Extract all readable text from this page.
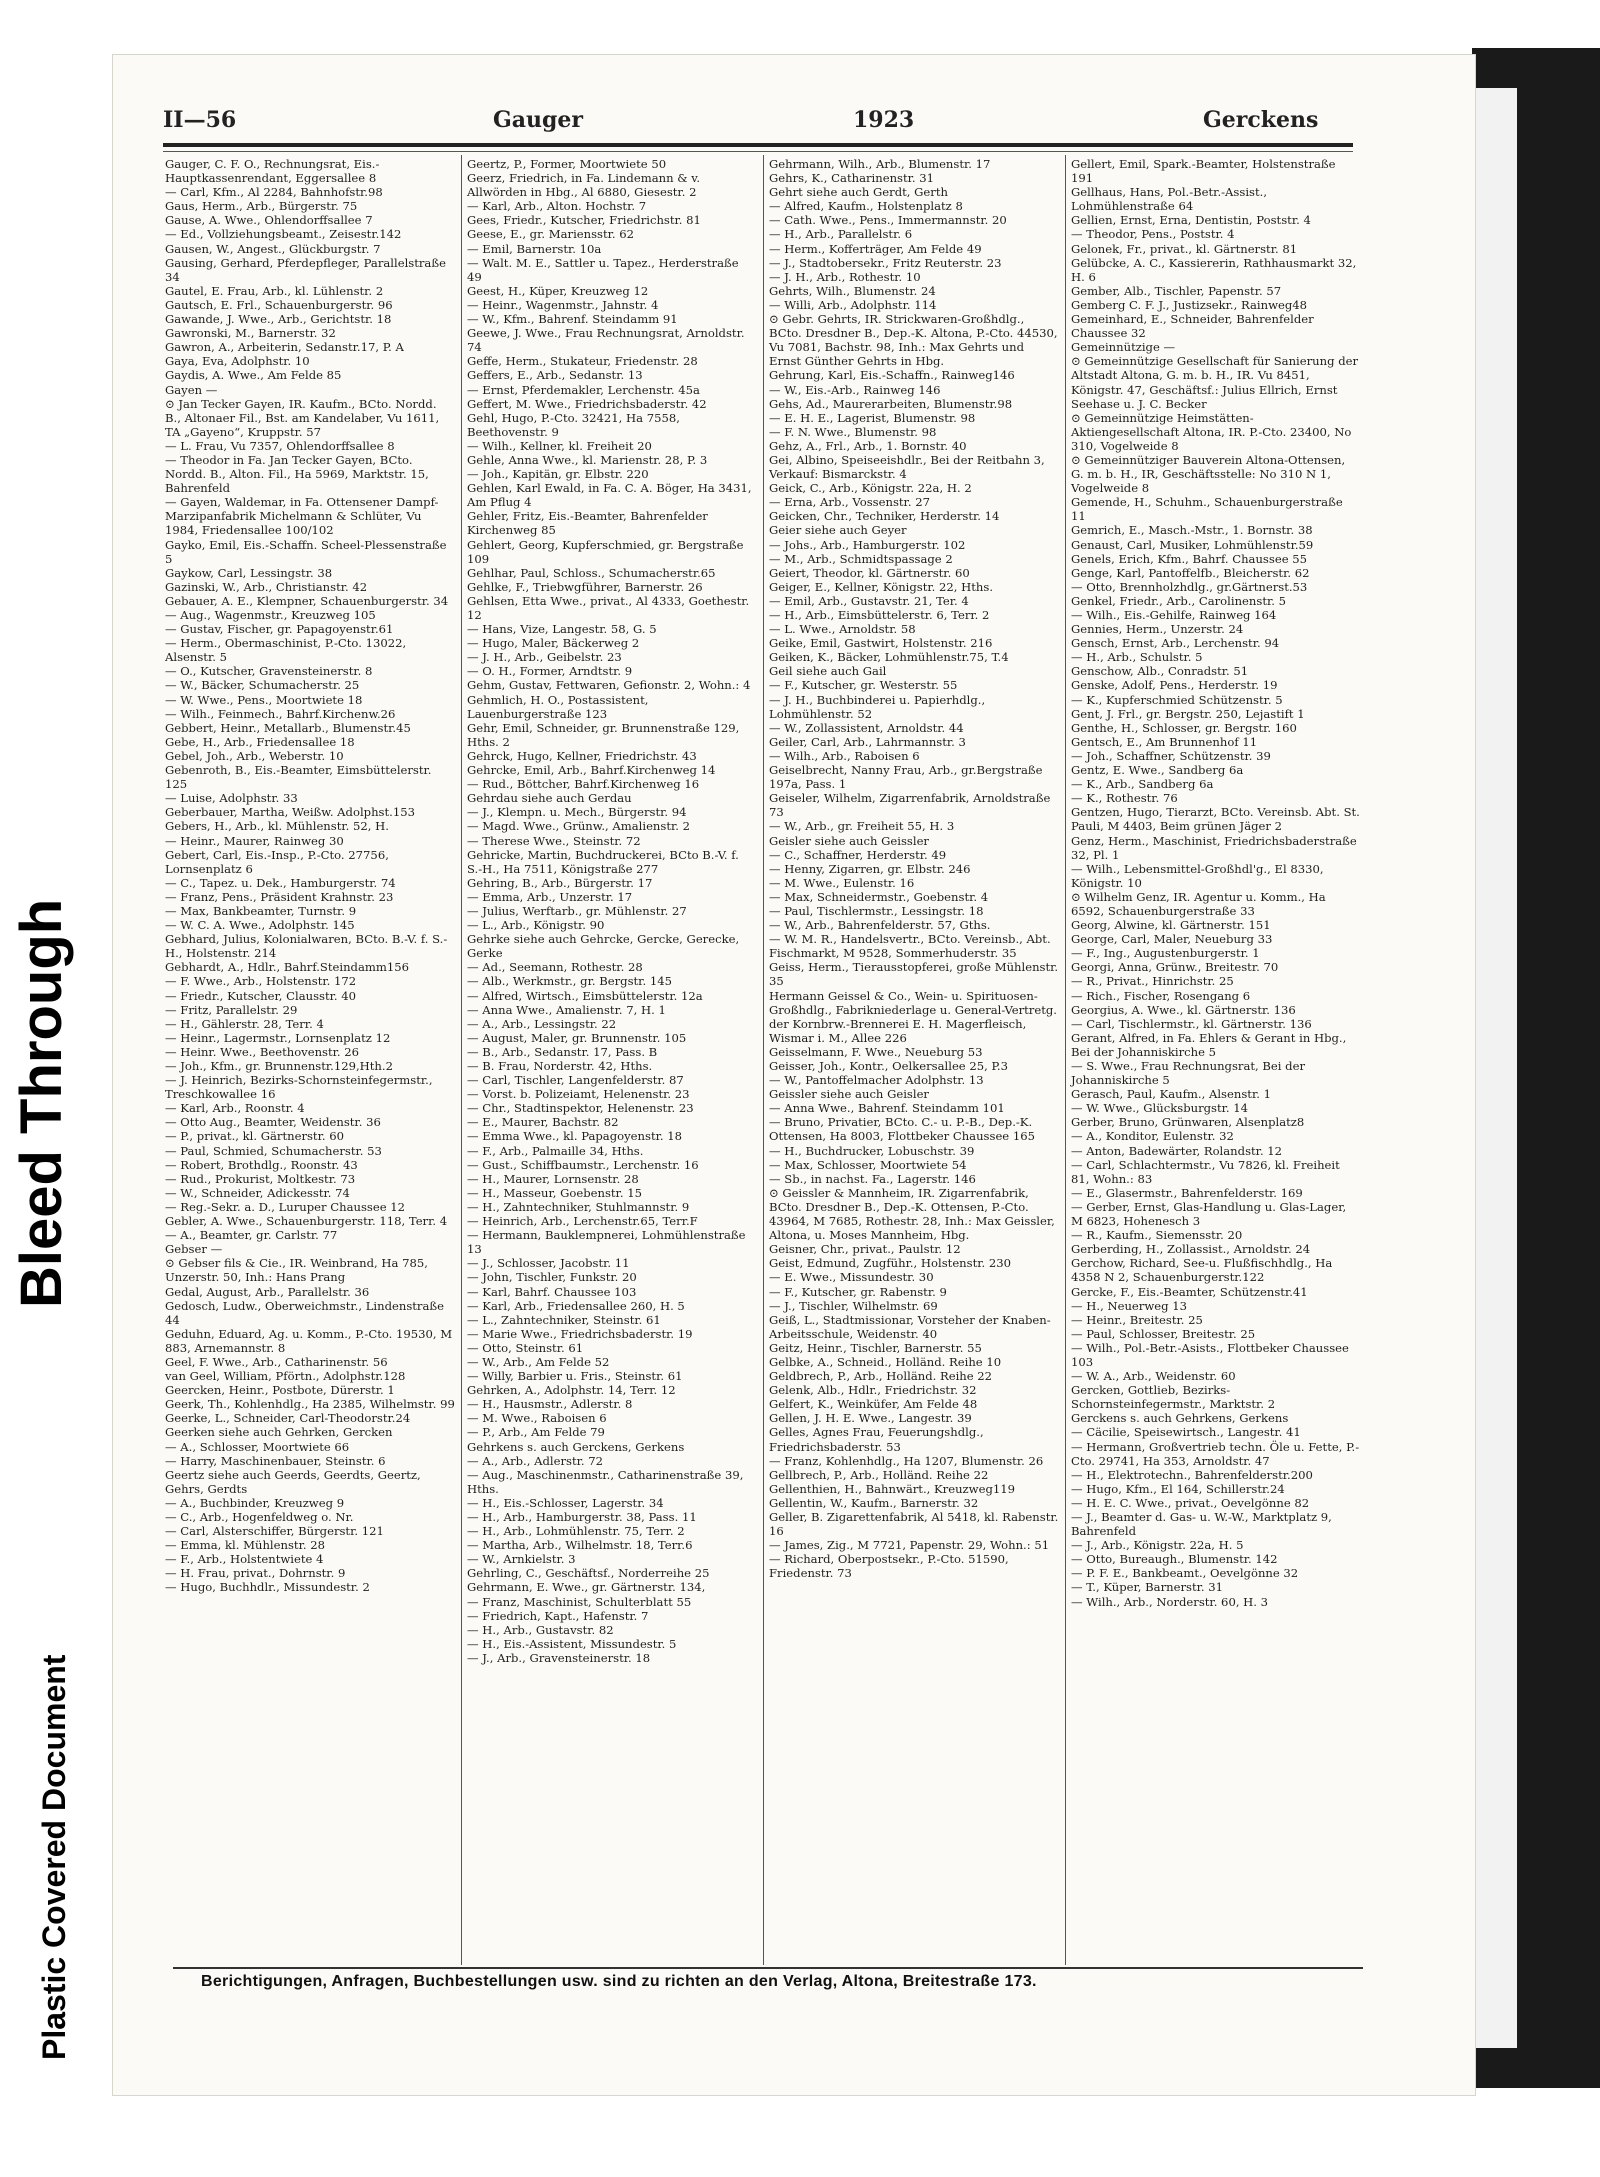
Bleed Through
Plastic Covered Document
II—56	Gauger	1923	Gerckens
Gauger, C. F. O., Rechnungsrat, Eis.-Hauptkassenrendant, Eggersallee 8
— Carl, Kfm., Al 2284, Bahnhofstr.98
Gaus, Herm., Arb., Bürgerstr. 75
Gause, A. Wwe., Ohlendorffsallee 7
— Ed., Vollziehungsbeamt., Zeisestr.142
Gausen, W., Angest., Glückburgstr. 7
Gausing, Gerhard, Pferdepfleger, Parallelstraße 34
Gautel, E. Frau, Arb., kl. Lühlenstr. 2
Gautsch, E. Frl., Schauenburgerstr. 96
Gawande, J. Wwe., Arb., Gerichtstr. 18
Gawronski, M., Barnerstr. 32
Gawron, A., Arbeiterin, Sedanstr.17, P. A
Gaya, Eva, Adolphstr. 10
Gaydis, A. Wwe., Am Felde 85
Gayen —
⊙ Jan Tecker Gayen, IR. Kaufm., BCto. Nordd. B., Altonaer Fil., Bst. am Kandelaber, Vu 1611, TA „Gayeno“, Kruppstr. 57
— L. Frau, Vu 7357, Ohlendorffsallee 8
— Theodor in Fa. Jan Tecker Gayen, BCto. Nordd. B., Alton. Fil., Ha 5969, Marktstr. 15, Bahrenfeld
— Gayen, Waldemar, in Fa. Ottensener Dampf-Marzipanfabrik Michelmann & Schlüter, Vu 1984, Friedensallee 100/102
Gayko, Emil, Eis.-Schaffn. Scheel-Plessenstraße 5
Gaykow, Carl, Lessingstr. 38
Gazinski, W., Arb., Christianstr. 42
Gebauer, A. E., Klempner, Schauenburgerstr. 34
— Aug., Wagenmstr., Kreuzweg 105
— Gustav, Fischer, gr. Papagoyenstr.61
— Herm., Obermaschinist, P.-Cto. 13022, Alsenstr. 5
— O., Kutscher, Gravensteinerstr. 8
— W., Bäcker, Schumacherstr. 25
— W. Wwe., Pens., Moortwiete 18
— Wilh., Feinmech., Bahrf.Kirchenw.26
Gebbert, Heinr., Metallarb., Blumenstr.45
Gebe, H., Arb., Friedensallee 18
Gebel, Joh., Arb., Weberstr. 10
Gebenroth, B., Eis.-Beamter, Eimsbüttelerstr. 125
— Luise, Adolphstr. 33
Geberbauer, Martha, Weißw. Adolphst.153
Gebers, H., Arb., kl. Mühlenstr. 52, H.
— Heinr., Maurer, Rainweg 30
Gebert, Carl, Eis.-Insp., P.-Cto. 27756, Lornsenplatz 6
— C., Tapez. u. Dek., Hamburgerstr. 74
— Franz, Pens., Präsident Krahnstr. 23
— Max, Bankbeamter, Turnstr. 9
— W. C. A. Wwe., Adolphstr. 145
Gebhard, Julius, Kolonialwaren, BCto. B.-V. f. S.-H., Holstenstr. 214
Gebhardt, A., Hdlr., Bahrf.Steindamm156
— F. Wwe., Arb., Holstenstr. 172
— Friedr., Kutscher, Clausstr. 40
— Fritz, Parallelstr. 29
— H., Gählerstr. 28, Terr. 4
— Heinr., Lagermstr., Lornsenplatz 12
— Heinr. Wwe., Beethovenstr. 26
— Joh., Kfm., gr. Brunnenstr.129,Hth.2
— J. Heinrich, Bezirks-Schornsteinfegermstr., Treschkowallee 16
— Karl, Arb., Roonstr. 4
— Otto Aug., Beamter, Weidenstr. 36
— P., privat., kl. Gärtnerstr. 60
— Paul, Schmied, Schumacherstr. 53
— Robert, Brothdlg., Roonstr. 43
— Rud., Prokurist, Moltkestr. 73
— W., Schneider, Adickesstr. 74
— Reg.-Sekr. a. D., Luruper Chaussee 12
Gebler, A. Wwe., Schauenburgerstr. 118, Terr. 4
— A., Beamter, gr. Carlstr. 77
Gebser —
⊙ Gebser fils & Cie., IR. Weinbrand, Ha 785, Unzerstr. 50, Inh.: Hans Prang
Gedal, August, Arb., Parallelstr. 36
Gedosch, Ludw., Oberweichmstr., Lindenstraße 44
Geduhn, Eduard, Ag. u. Komm., P.-Cto. 19530, M 883, Arnemannstr. 8
Geel, F. Wwe., Arb., Catharinenstr. 56
van Geel, William, Pförtn., Adolphstr.128
Geercken, Heinr., Postbote, Dürerstr. 1
Geerk, Th., Kohlenhdlg., Ha 2385, Wilhelmstr. 99
Geerke, L., Schneider, Carl-Theodorstr.24
Geerken siehe auch Gehrken, Gercken
— A., Schlosser, Moortwiete 66
— Harry, Maschinenbauer, Steinstr. 6
Geertz siehe auch Geerds, Geerdts, Geertz, Gehrs, Gerdts
— A., Buchbinder, Kreuzweg 9
— C., Arb., Hogenfeldweg o. Nr.
— Carl, Alsterschiffer, Bürgerstr. 121
— Emma, kl. Mühlenstr. 28
— F., Arb., Holstentwiete 4
— H. Frau, privat., Dohrnstr. 9
— Hugo, Buchhdlr., Missundestr. 2
Geertz, P., Former, Moortwiete 50
Geerz, Friedrich, in Fa. Lindemann & v. Allwörden in Hbg., Al 6880, Giesestr. 2
— Karl, Arb., Alton. Hochstr. 7
Gees, Friedr., Kutscher, Friedrichstr. 81
Geese, E., gr. Mariensstr. 62
— Emil, Barnerstr. 10a
— Walt. M. E., Sattler u. Tapez., Herderstraße 49
Geest, H., Küper, Kreuzweg 12
— Heinr., Wagenmstr., Jahnstr. 4
— W., Kfm., Bahrenf. Steindamm 91
Geewe, J. Wwe., Frau Rechnungsrat, Arnoldstr. 74
Geffe, Herm., Stukateur, Friedenstr. 28
Geffers, E., Arb., Sedanstr. 13
— Ernst, Pferdemakler, Lerchenstr. 45a
Geffert, M. Wwe., Friedrichsbaderstr. 42
Gehl, Hugo, P.-Cto. 32421, Ha 7558, Beethovenstr. 9
— Wilh., Kellner, kl. Freiheit 20
Gehle, Anna Wwe., kl. Marienstr. 28, P. 3
— Joh., Kapitän, gr. Elbstr. 220
Gehlen, Karl Ewald, in Fa. C. A. Böger, Ha 3431, Am Pflug 4
Gehler, Fritz, Eis.-Beamter, Bahrenfelder Kirchenweg 85
Gehlert, Georg, Kupferschmied, gr. Bergstraße 109
Gehlhar, Paul, Schloss., Schumacherstr.65
Gehlke, F., Triebwgführer, Barnerstr. 26
Gehlsen, Etta Wwe., privat., Al 4333, Goethestr. 12
— Hans, Vize, Langestr. 58, G. 5
— Hugo, Maler, Bäckerweg 2
— J. H., Arb., Geibelstr. 23
— O. H., Former, Arndtstr. 9
Gehm, Gustav, Fettwaren, Gefionstr. 2, Wohn.: 4
Gehmlich, H. O., Postassistent, Lauenburgerstraße 123
Gehr, Emil, Schneider, gr. Brunnenstraße 129, Hths. 2
Gehrck, Hugo, Kellner, Friedrichstr. 43
Gehrcke, Emil, Arb., Bahrf.Kirchenweg 14
— Rud., Böttcher, Bahrf.Kirchenweg 16
Gehrdau siehe auch Gerdau
— J., Klempn. u. Mech., Bürgerstr. 94
— Magd. Wwe., Grünw., Amalienstr. 2
— Therese Wwe., Steinstr. 72
Gehricke, Martin, Buchdruckerei, BCto B.-V. f. S.-H., Ha 7511, Königstraße 277
Gehring, B., Arb., Bürgerstr. 17
— Emma, Arb., Unzerstr. 17
— Julius, Werftarb., gr. Mühlenstr. 27
— L., Arb., Königstr. 90
Gehrke siehe auch Gehrcke, Gercke, Gerecke, Gerke
— Ad., Seemann, Rothestr. 28
— Alb., Werkmstr., gr. Bergstr. 145
— Alfred, Wirtsch., Eimsbüttelerstr. 12a
— Anna Wwe., Amalienstr. 7, H. 1
— A., Arb., Lessingstr. 22
— August, Maler, gr. Brunnenstr. 105
— B., Arb., Sedanstr. 17, Pass. B
— B. Frau, Norderstr. 42, Hths.
— Carl, Tischler, Langenfelderstr. 87
— Vorst. b. Polizeiamt, Helenenstr. 23
— Chr., Stadtinspektor, Helenenstr. 23
— E., Maurer, Bachstr. 82
— Emma Wwe., kl. Papagoyenstr. 18
— F., Arb., Palmaille 34, Hths.
— Gust., Schiffbaumstr., Lerchenstr. 16
— H., Maurer, Lornsenstr. 28
— H., Masseur, Goebenstr. 15
— H., Zahntechniker, Stuhlmannstr. 9
— Heinrich, Arb., Lerchenstr.65, Terr.F
— Hermann, Bauklempnerei, Lohmühlenstraße 13
— J., Schlosser, Jacobstr. 11
— John, Tischler, Funkstr. 20
— Karl, Bahrf. Chaussee 103
— Karl, Arb., Friedensallee 260, H. 5
— L., Zahntechniker, Steinstr. 61
— Marie Wwe., Friedrichsbaderstr. 19
— Otto, Steinstr. 61
— W., Arb., Am Felde 52
— Willy, Barbier u. Fris., Steinstr. 61
Gehrken, A., Adolphstr. 14, Terr. 12
— H., Hausmstr., Adlerstr. 8
— M. Wwe., Raboisen 6
— P., Arb., Am Felde 79
Gehrkens s. auch Gerckens, Gerkens
— A., Arb., Adlerstr. 72
— Aug., Maschinenmstr., Catharinenstraße 39, Hths.
— H., Eis.-Schlosser, Lagerstr. 34
— H., Arb., Hamburgerstr. 38, Pass. 11
— H., Arb., Lohmühlenstr. 75, Terr. 2
— Martha, Arb., Wilhelmstr. 18, Terr.6
— W., Arnkielstr. 3
Gehrling, C., Geschäftsf., Norderreihe 25
Gehrmann, E. Wwe., gr. Gärtnerstr. 134,
— Franz, Maschinist, Schulterblatt 55
— Friedrich, Kapt., Hafenstr. 7
— H., Arb., Gustavstr. 82
— H., Eis.-Assistent, Missundestr. 5
— J., Arb., Gravensteinerstr. 18
Gehrmann, Wilh., Arb., Blumenstr. 17
Gehrs, K., Catharinenstr. 31
Gehrt siehe auch Gerdt, Gerth
— Alfred, Kaufm., Holstenplatz 8
— Cath. Wwe., Pens., Immermannstr. 20
— H., Arb., Parallelstr. 6
— Herm., Kofferträger, Am Felde 49
— J., Stadtobersekr., Fritz Reuterstr. 23
— J. H., Arb., Rothestr. 10
Gehrts, Wilh., Blumenstr. 24
— Willi, Arb., Adolphstr. 114
⊙ Gebr. Gehrts, IR. Strickwaren-Großhdlg., BCto. Dresdner B., Dep.-K. Altona, P.-Cto. 44530, Vu 7081, Bachstr. 98, Inh.: Max Gehrts und Ernst Günther Gehrts in Hbg.
Gehrung, Karl, Eis.-Schaffn., Rainweg146
— W., Eis.-Arb., Rainweg 146
Gehs, Ad., Maurerarbeiten, Blumenstr.98
— E. H. E., Lagerist, Blumenstr. 98
— F. N. Wwe., Blumenstr. 98
Gehz, A., Frl., Arb., 1. Bornstr. 40
Gei, Albino, Speiseeishdlr., Bei der Reitbahn 3, Verkauf: Bismarckstr. 4
Geick, C., Arb., Königstr. 22a, H. 2
— Erna, Arb., Vossenstr. 27
Geicken, Chr., Techniker, Herderstr. 14
Geier siehe auch Geyer
— Johs., Arb., Hamburgerstr. 102
— M., Arb., Schmidtspassage 2
Geiert, Theodor, kl. Gärtnerstr. 60
Geiger, E., Kellner, Königstr. 22, Hths.
— Emil, Arb., Gustavstr. 21, Ter. 4
— H., Arb., Eimsbüttelerstr. 6, Terr. 2
— L. Wwe., Arnoldstr. 58
Geike, Emil, Gastwirt, Holstenstr. 216
Geiken, K., Bäcker, Lohmühlenstr.75, T.4
Geil siehe auch Gail
— F., Kutscher, gr. Westerstr. 55
— J. H., Buchbinderei u. Papierhdlg., Lohmühlenstr. 52
— W., Zollassistent, Arnoldstr. 44
Geiler, Carl, Arb., Lahrmannstr. 3
— Wilh., Arb., Raboisen 6
Geiselbrecht, Nanny Frau, Arb., gr.Bergstraße 197a, Pass. 1
Geiseler, Wilhelm, Zigarrenfabrik, Arnoldstraße 73
— W., Arb., gr. Freiheit 55, H. 3
Geisler siehe auch Geissler
— C., Schaffner, Herderstr. 49
— Henny, Zigarren, gr. Elbstr. 246
— M. Wwe., Eulenstr. 16
— Max, Schneidermstr., Goebenstr. 4
— Paul, Tischlermstr., Lessingstr. 18
— W., Arb., Bahrenfelderstr. 57, Gths.
— W. M. R., Handelsvertr., BCto. Vereinsb., Abt. Fischmarkt, M 9528, Sommerhuderstr. 35
Geiss, Herm., Tierausstopferei, große Mühlenstr. 35
Hermann Geissel & Co., Wein- u. Spirituosen-Großhdlg., Fabrikniederlage u. General-Vertretg. der Kornbrw.-Brennerei E. H. Magerfleisch, Wismar i. M., Allee 226
Geisselmann, F. Wwe., Neueburg 53
Geisser, Joh., Kontr., Oelkersallee 25, P.3
— W., Pantoffelmacher Adolphstr. 13
Geissler siehe auch Geisler
— Anna Wwe., Bahrenf. Steindamm 101
— Bruno, Privatier, BCto. C.- u. P.-B., Dep.-K. Ottensen, Ha 8003, Flottbeker Chaussee 165
— H., Buchdrucker, Lobuschstr. 39
— Max, Schlosser, Moortwiete 54
— Sb., in nachst. Fa., Lagerstr. 146
⊙ Geissler & Mannheim, IR. Zigarrenfabrik, BCto. Dresdner B., Dep.-K. Ottensen, P.-Cto. 43964, M 7685, Rothestr. 28, Inh.: Max Geissler, Altona, u. Moses Mannheim, Hbg.
Geisner, Chr., privat., Paulstr. 12
Geist, Edmund, Zugführ., Holstenstr. 230
— E. Wwe., Missundestr. 30
— F., Kutscher, gr. Rabenstr. 9
— J., Tischler, Wilhelmstr. 69
Geiß, L., Stadtmissionar, Vorsteher der Knaben-Arbeitsschule, Weidenstr. 40
Geitz, Heinr., Tischler, Barnerstr. 55
Gelbke, A., Schneid., Holländ. Reihe 10
Geldbrech, P., Arb., Holländ. Reihe 22
Gelenk, Alb., Hdlr., Friedrichstr. 32
Gelfert, K., Weinküfer, Am Felde 48
Gellen, J. H. E. Wwe., Langestr. 39
Gelles, Agnes Frau, Feuerungshdlg., Friedrichsbaderstr. 53
— Franz, Kohlenhdlg., Ha 1207, Blumenstr. 26
Gellbrech, P., Arb., Holländ. Reihe 22
Gellenthien, H., Bahnwärt., Kreuzweg119
Gellentin, W., Kaufm., Barnerstr. 32
Geller, B. Zigarettenfabrik, Al 5418, kl. Rabenstr. 16
— James, Zig., M 7721, Papenstr. 29, Wohn.: 51
— Richard, Oberpostsekr., P.-Cto. 51590, Friedenstr. 73
Gellert, Emil, Spark.-Beamter, Holstenstraße 191
Gellhaus, Hans, Pol.-Betr.-Assist., Lohmühlenstraße 64
Gellien, Ernst, Erna, Dentistin, Poststr. 4
— Theodor, Pens., Poststr. 4
Gelonek, Fr., privat., kl. Gärtnerstr. 81
Gelübcke, A. C., Kassiererin, Rathhausmarkt 32, H. 6
Gember, Alb., Tischler, Papenstr. 57
Gemberg C. F. J., Justizsekr., Rainweg48
Gemeinhard, E., Schneider, Bahrenfelder Chaussee 32
Gemeinnützige —
⊙ Gemeinnützige Gesellschaft für Sanierung der Altstadt Altona, G. m. b. H., IR. Vu 8451, Königstr. 47, Geschäftsf.: Julius Ellrich, Ernst Seehase u. J. C. Becker
⊙ Gemeinnützige Heimstätten-Aktiengesellschaft Altona, IR. P.-Cto. 23400, No 310, Vogelweide 8
⊙ Gemeinnütziger Bauverein Altona-Ottensen, G. m. b. H., IR, Geschäftsstelle: No 310 N 1, Vogelweide 8
Gemende, H., Schuhm., Schauenburgerstraße 11
Gemrich, E., Masch.-Mstr., 1. Bornstr. 38
Genaust, Carl, Musiker, Lohmühlenstr.59
Genels, Erich, Kfm., Bahrf. Chaussee 55
Genge, Karl, Pantoffelfb., Bleicherstr. 62
— Otto, Brennholzhdlg., gr.Gärtnerst.53
Genkel, Friedr., Arb., Carolinenstr. 5
— Wilh., Eis.-Gehilfe, Rainweg 164
Gennies, Herm., Unzerstr. 24
Gensch, Ernst, Arb., Lerchenstr. 94
— H., Arb., Schulstr. 5
Genschow, Alb., Conradstr. 51
Genske, Adolf, Pens., Herderstr. 19
— K., Kupferschmied Schützenstr. 5
Gent, J. Frl., gr. Bergstr. 250, Lejastift 1
Genthe, H., Schlosser, gr. Bergstr. 160
Gentsch, E., Am Brunnenhof 11
— Joh., Schaffner, Schützenstr. 39
Gentz, E. Wwe., Sandberg 6a
— K., Arb., Sandberg 6a
— K., Rothestr. 76
Gentzen, Hugo, Tierarzt, BCto. Vereinsb. Abt. St. Pauli, M 4403, Beim grünen Jäger 2
Genz, Herm., Maschinist, Friedrichsbaderstraße 32, Pl. 1
— Wilh., Lebensmittel-Großhdl'g., El 8330, Königstr. 10
⊙ Wilhelm Genz, IR. Agentur u. Komm., Ha 6592, Schauenburgerstraße 33
Georg, Alwine, kl. Gärtnerstr. 151
George, Carl, Maler, Neueburg 33
— F., Ing., Augustenburgerstr. 1
Georgi, Anna, Grünw., Breitestr. 70
— R., Privat., Hinrichstr. 25
— Rich., Fischer, Rosengang 6
Georgius, A. Wwe., kl. Gärtnerstr. 136
— Carl, Tischlermstr., kl. Gärtnerstr. 136
Gerant, Alfred, in Fa. Ehlers & Gerant in Hbg., Bei der Johanniskirche 5
— S. Wwe., Frau Rechnungsrat, Bei der Johanniskirche 5
Gerasch, Paul, Kaufm., Alsenstr. 1
— W. Wwe., Glücksburgstr. 14
Gerber, Bruno, Grünwaren, Alsenplatz8
— A., Konditor, Eulenstr. 32
— Anton, Badewärter, Rolandstr. 12
— Carl, Schlachtermstr., Vu 7826, kl. Freiheit 81, Wohn.: 83
— E., Glasermstr., Bahrenfelderstr. 169
— Gerber, Ernst, Glas-Handlung u. Glas-Lager, M 6823, Hohenesch 3
— R., Kaufm., Siemensstr. 20
Gerberding, H., Zollassist., Arnoldstr. 24
Gerchow, Richard, See-u. Flußfischhdlg., Ha 4358 N 2, Schauenburgerstr.122
Gercke, F., Eis.-Beamter, Schützenstr.41
— H., Neuerweg 13
— Heinr., Breitestr. 25
— Paul, Schlosser, Breitestr. 25
— Wilh., Pol.-Betr.-Asists., Flottbeker Chaussee 103
— W. A., Arb., Weidenstr. 60
Gercken, Gottlieb, Bezirks-Schornsteinfegermstr., Marktstr. 2
Gerckens s. auch Gehrkens, Gerkens
— Cäcilie, Speisewirtsch., Langestr. 41
— Hermann, Großvertrieb techn. Öle u. Fette, P.-Cto. 29741, Ha 353, Arnoldstr. 47
— H., Elektrotechn., Bahrenfelderstr.200
— Hugo, Kfm., El 164, Schillerstr.24
— H. E. C. Wwe., privat., Oevelgönne 82
— J., Beamter d. Gas- u. W.-W., Marktplatz 9, Bahrenfeld
— J., Arb., Königstr. 22a, H. 5
— Otto, Bureaugh., Blumenstr. 142
— P. F. E., Bankbeamt., Oevelgönne 32
— T., Küper, Barnerstr. 31
— Wilh., Arb., Norderstr. 60, H. 3
Berichtigungen, Anfragen, Buchbestellungen usw. sind zu richten an den Verlag, Altona, Breitestraße 173.
